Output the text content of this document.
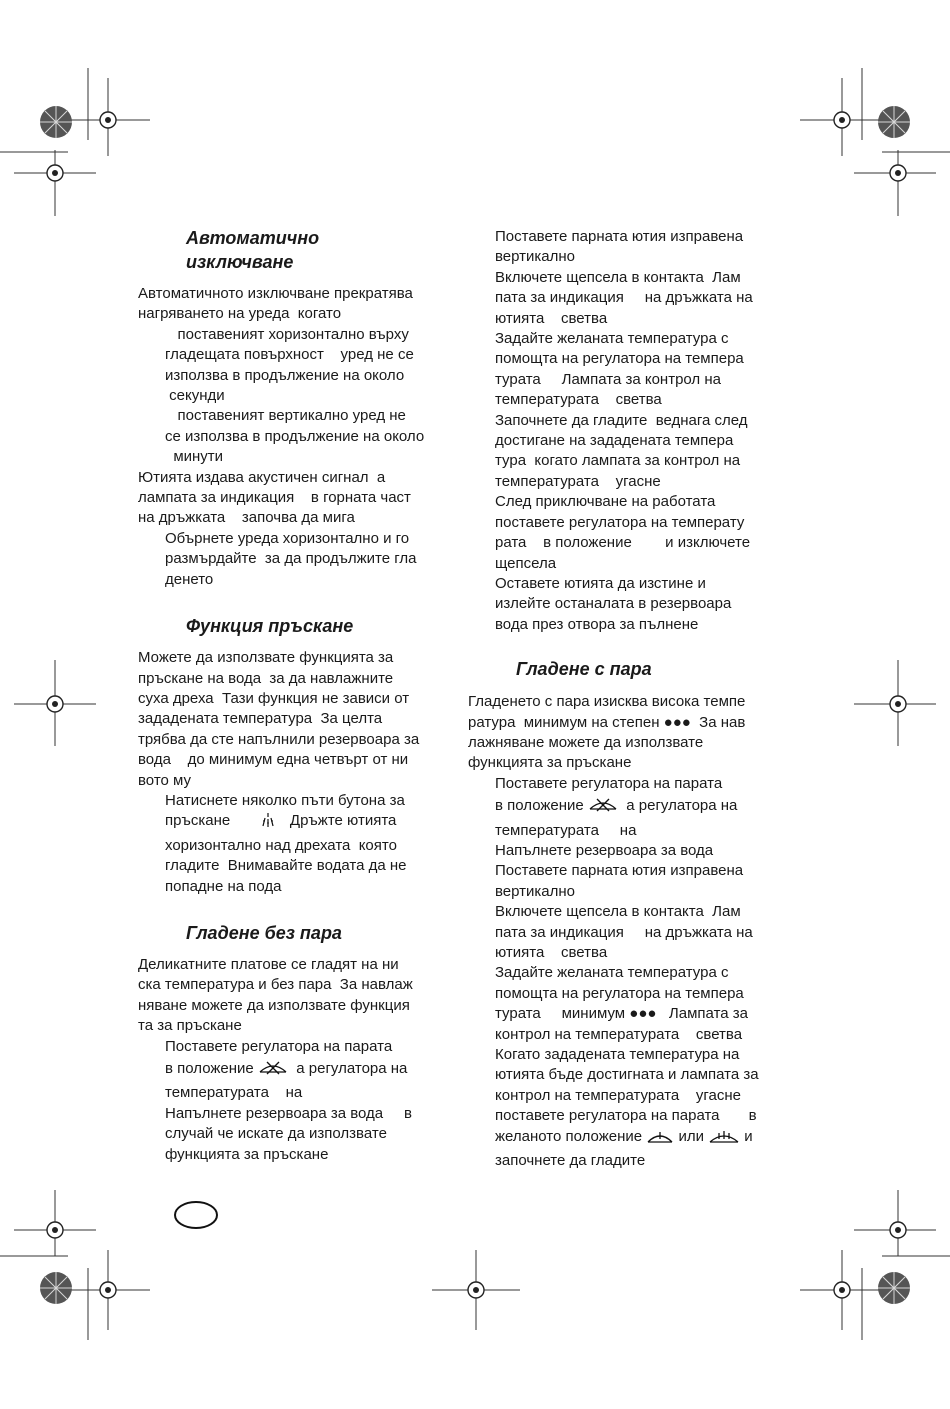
Автоматично

изключване

Автоматичното изключване прекратява

нагряването на уреда  когато

поставеният хоризонтално върху

гладещата повърхност    уред не се

използва в продължение на около

секунди

поставеният вертикално уред не

се използва в продължение на около

минути

Ютията издава акустичен сигнал  а

лампата за индикация    в горната част

на дръжката    започва да мига

Обърнете уреда хоризонтално и го

размърдайте  за да продължите гла

денето

Функция пръскане

Можете да използвате функцията за

пръскане на вода  за да навлажните

суха дреха  Тази функция не зависи от

зададената температура  За целта

трябва да сте напълнили резервоара за

вода    до минимум една четвърт от ни

вото му

Натиснете няколко пъти бутона за

пръскане	Дръжте ютията

хоризонтално над дрехата  която

гладите  Внимавайте водата да не

попадне на пода

Гладене без пара

Деликатните платове се гладят на ни

ска температура и без пара  За навлаж

няване можете да използвате функция

та за пръскане

Поставете регулатора на парата

в положение	а регулатора на

температурата    на

Напълнете резервоара за вода     в

случай че искате да използвате

функцията за пръскане

Поставете парната ютия изправена

вертикално

Включете щепсела в контакта  Лам

пата за индикация     на дръжката на

ютията    светва

Задайте желаната температура с

помощта на регулатора на темпера

турата     Лампата за контрол на

температурата    светва

Започнете да гладите  веднага след

достигане на зададената темпера

тура  когато лампата за контрол на

температурата    угасне

След приключване на работата

поставете регулатора на температу

рата    в положение        и изключете

щепсела

Оставете ютията да изстине и

излейте останалата в резервоара

вода през отвора за пълнене

Гладене с пара

Гладенето с пара изисква висока темпе

ратура  минимум на степен ●●●  За нав

лажняване можете да използвате

функцията за пръскане

Поставете регулатора на парата

в положение	а регулатора на

температурата     на

Напълнете резервоара за вода

Поставете парната ютия изправена

вертикално

Включете щепсела в контакта  Лам

пата за индикация     на дръжката на

ютията    светва

Задайте желаната температура с

помощта на регулатора на темпера

турата     минимум ●●●   Лампата за

контрол на температурата    светва

Когато зададената температура на

ютията бъде достигната и лампата за

контрол на температурата    угасне

поставете регулатора на парата       в

желаното положение или	и

започнете да гладите
